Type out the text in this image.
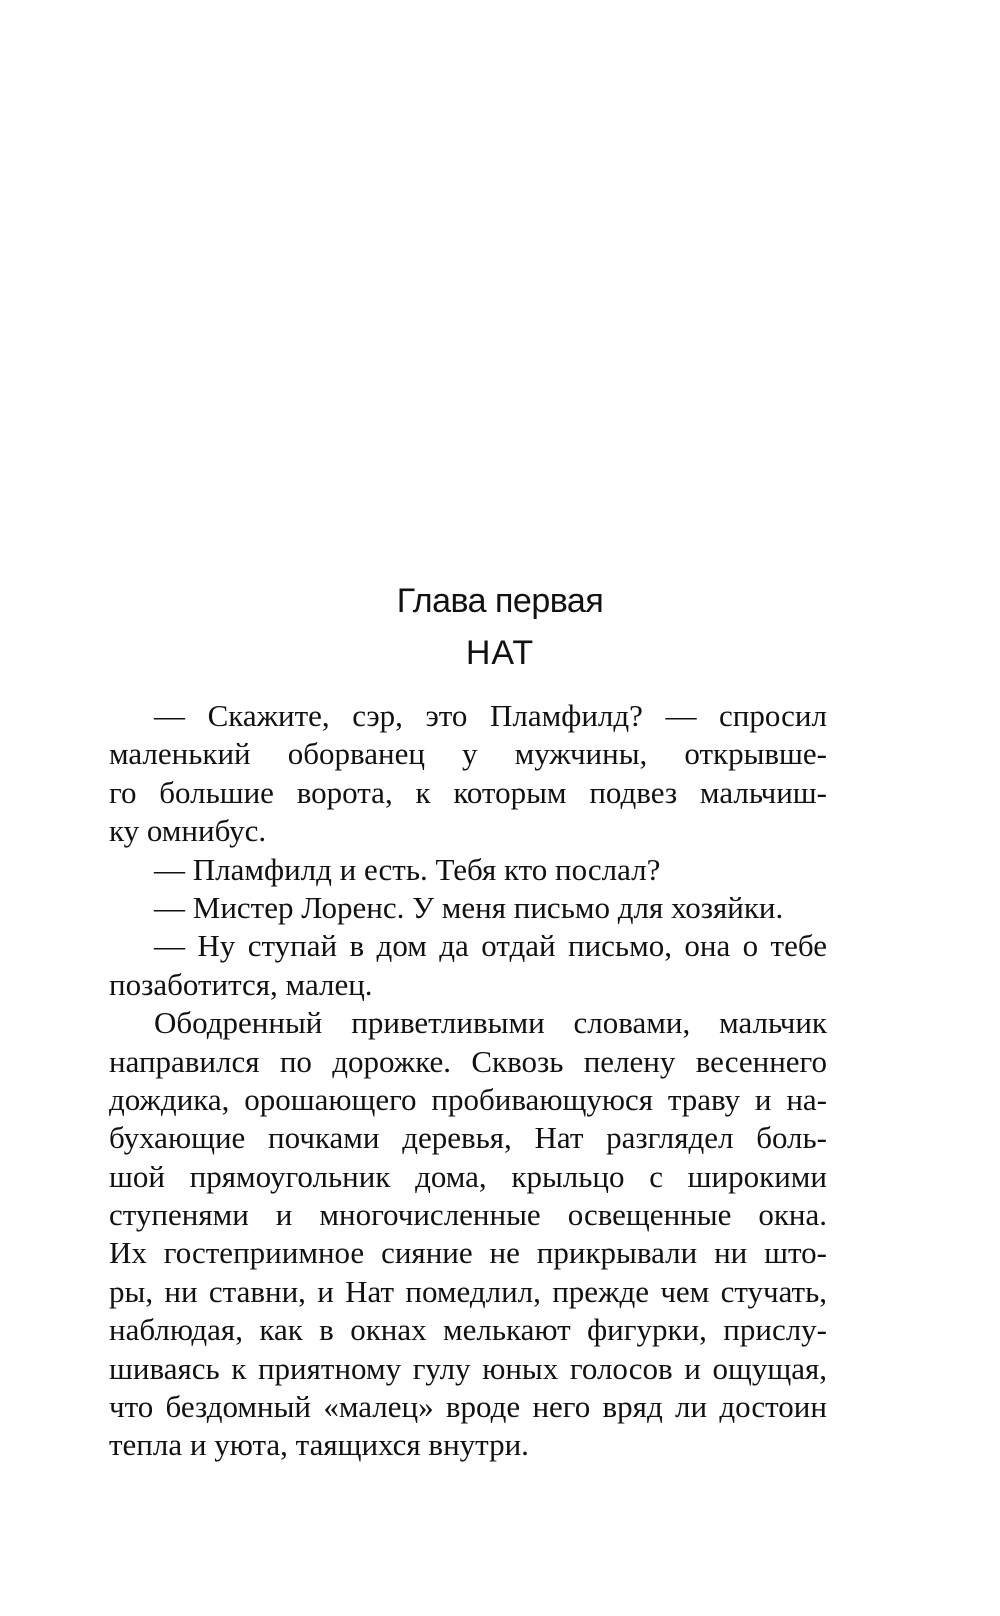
Глава первая
НАТ
— Скажите, сэр, это Пламфилд? — спросил
маленький оборванец у мужчины, открывше-
го большие ворота, к которым подвез мальчиш-
ку омнибус.
— Пламфилд и есть. Тебя кто послал?
— Мистер Лоренс. У меня письмо для хозяйки.
— Ну ступай в дом да отдай письмо, она о тебе
позаботится, малец.
Ободренный приветливыми словами, мальчик
направился по дорожке. Сквозь пелену весеннего
дождика, орошающего пробивающуюся траву и на-
бухающие почками деревья, Нат разглядел боль-
шой прямоугольник дома, крыльцо с широкими
ступенями и многочисленные освещенные окна.
Их гостеприимное сияние не прикрывали ни што-
ры, ни ставни, и Нат помедлил, прежде чем стучать,
наблюдая, как в окнах мелькают фигурки, прислу-
шиваясь к приятному гулу юных голосов и ощущая,
что бездомный «малец» вроде него вряд ли достоин
тепла и уюта, таящихся внутри.
